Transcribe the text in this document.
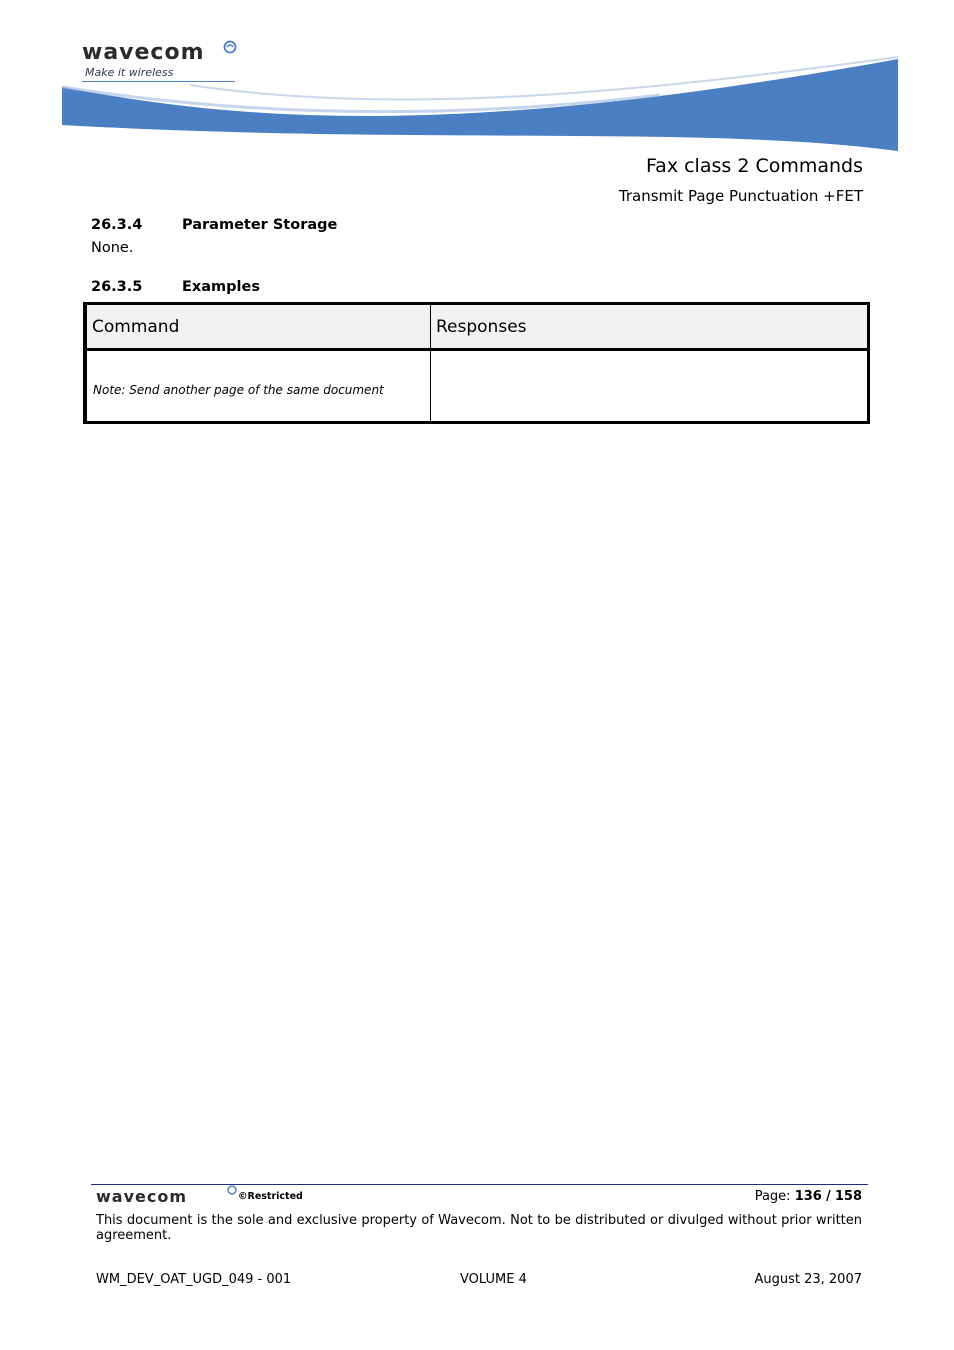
wavecom
Make it wireless
Fax class 2 Commands
Transmit Page Punctuation +FET
26.3.4	Parameter Storage
None.
26.3.5	Examples
Command	Responses
Note: Send another page of the same document
wavecom	©Restricted	Page: 136 / 158
This document is the sole and exclusive property of Wavecom. Not to be distributed or divulged without prior written agreement.
WM_DEV_OAT_UGD_049 - 001	VOLUME 4	August 23, 2007
